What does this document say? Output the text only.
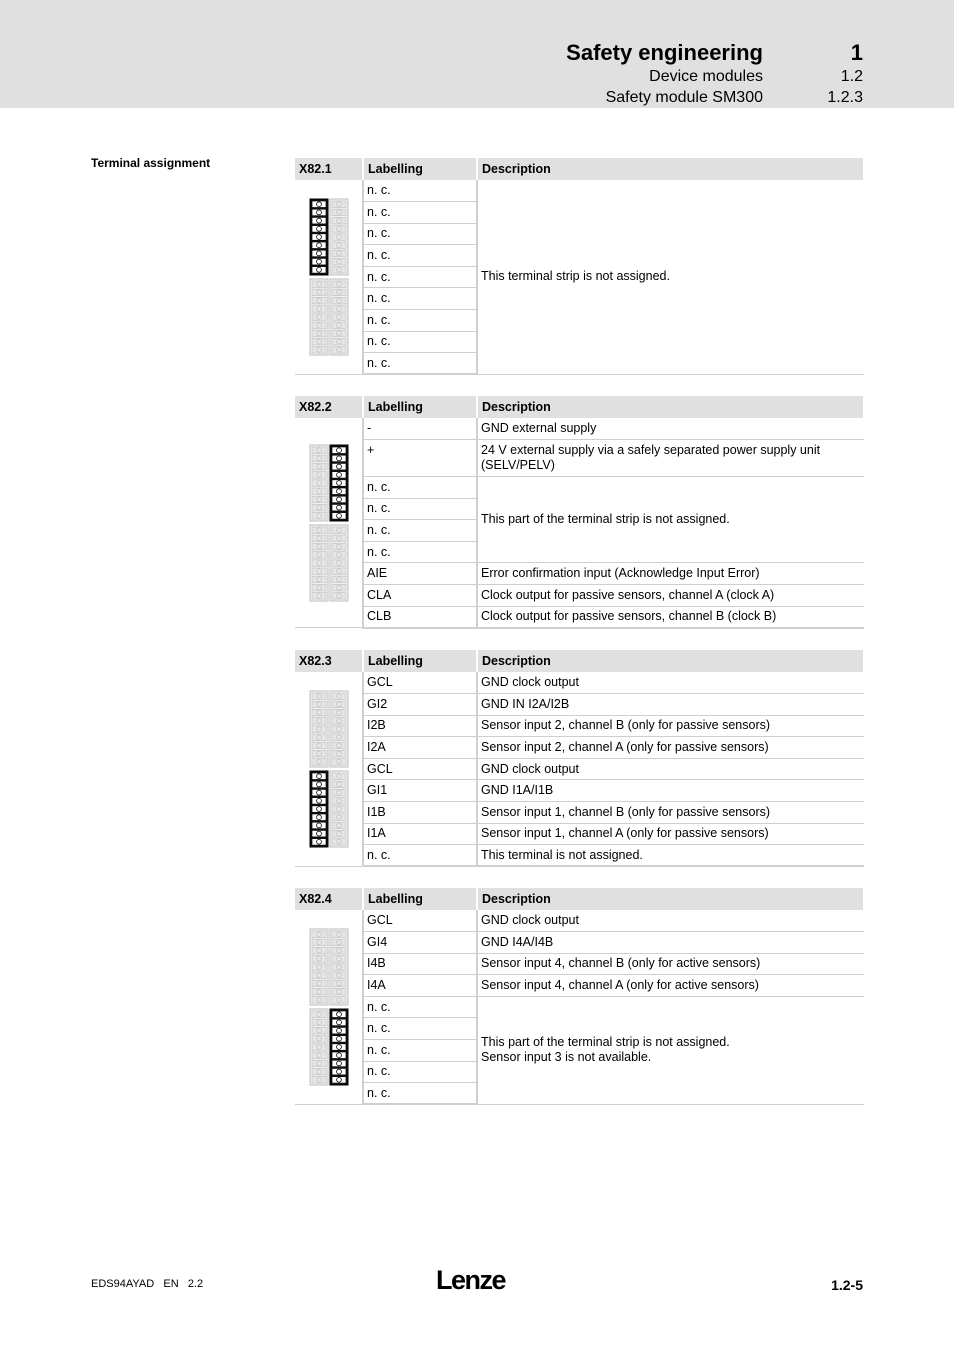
Safety engineering	1
Device modules	1.2
Safety module SM300	1.2.3
Terminal assignment	X82.1	Labelling	Description

	n. c.	This terminal strip is not assigned.
	n. c.	
	n. c.	
	n. c.	
	n. c.	
	n. c.	
	n. c.	
	n. c.	
	n. c.	
X82.2	Labelling	Description

	-	GND external supply
	+	24 V external supply via a safely separated power supply unit (SELV/PELV)
	n. c.	This part of the terminal strip is not assigned.
	n. c.	
	n. c.	
	n. c.	
	AIE	Error confirmation input (Acknowledge Input Error)
	CLA	Clock output for passive sensors, channel A (clock A)
	CLB	Clock output for passive sensors, channel B (clock B)
X82.3	Labelling	Description

	GCL	GND clock output
	GI2	GND IN I2A/I2B
	I2B	Sensor input 2, channel B (only for passive sensors)
	I2A	Sensor input 2, channel A (only for passive sensors)
	GCL	GND clock output
	GI1	GND I1A/I1B
	I1B	Sensor input 1, channel B (only for passive sensors)
	I1A	Sensor input 1, channel A (only for passive sensors)
	n. c.	This terminal is not assigned.
X82.4	Labelling	Description

	GCL	GND clock output
	GI4	GND I4A/I4B
	I4B	Sensor input 4, channel B (only for active sensors)
	I4A	Sensor input 4, channel A (only for active sensors)
	n. c.	This part of the terminal strip is not assigned.
Sensor input 3 is not available.

	n. c.	
	n. c.	
	n. c.	
	n. c.	
EDS94AYAD EN 2.2	Lenze	1.2-5
